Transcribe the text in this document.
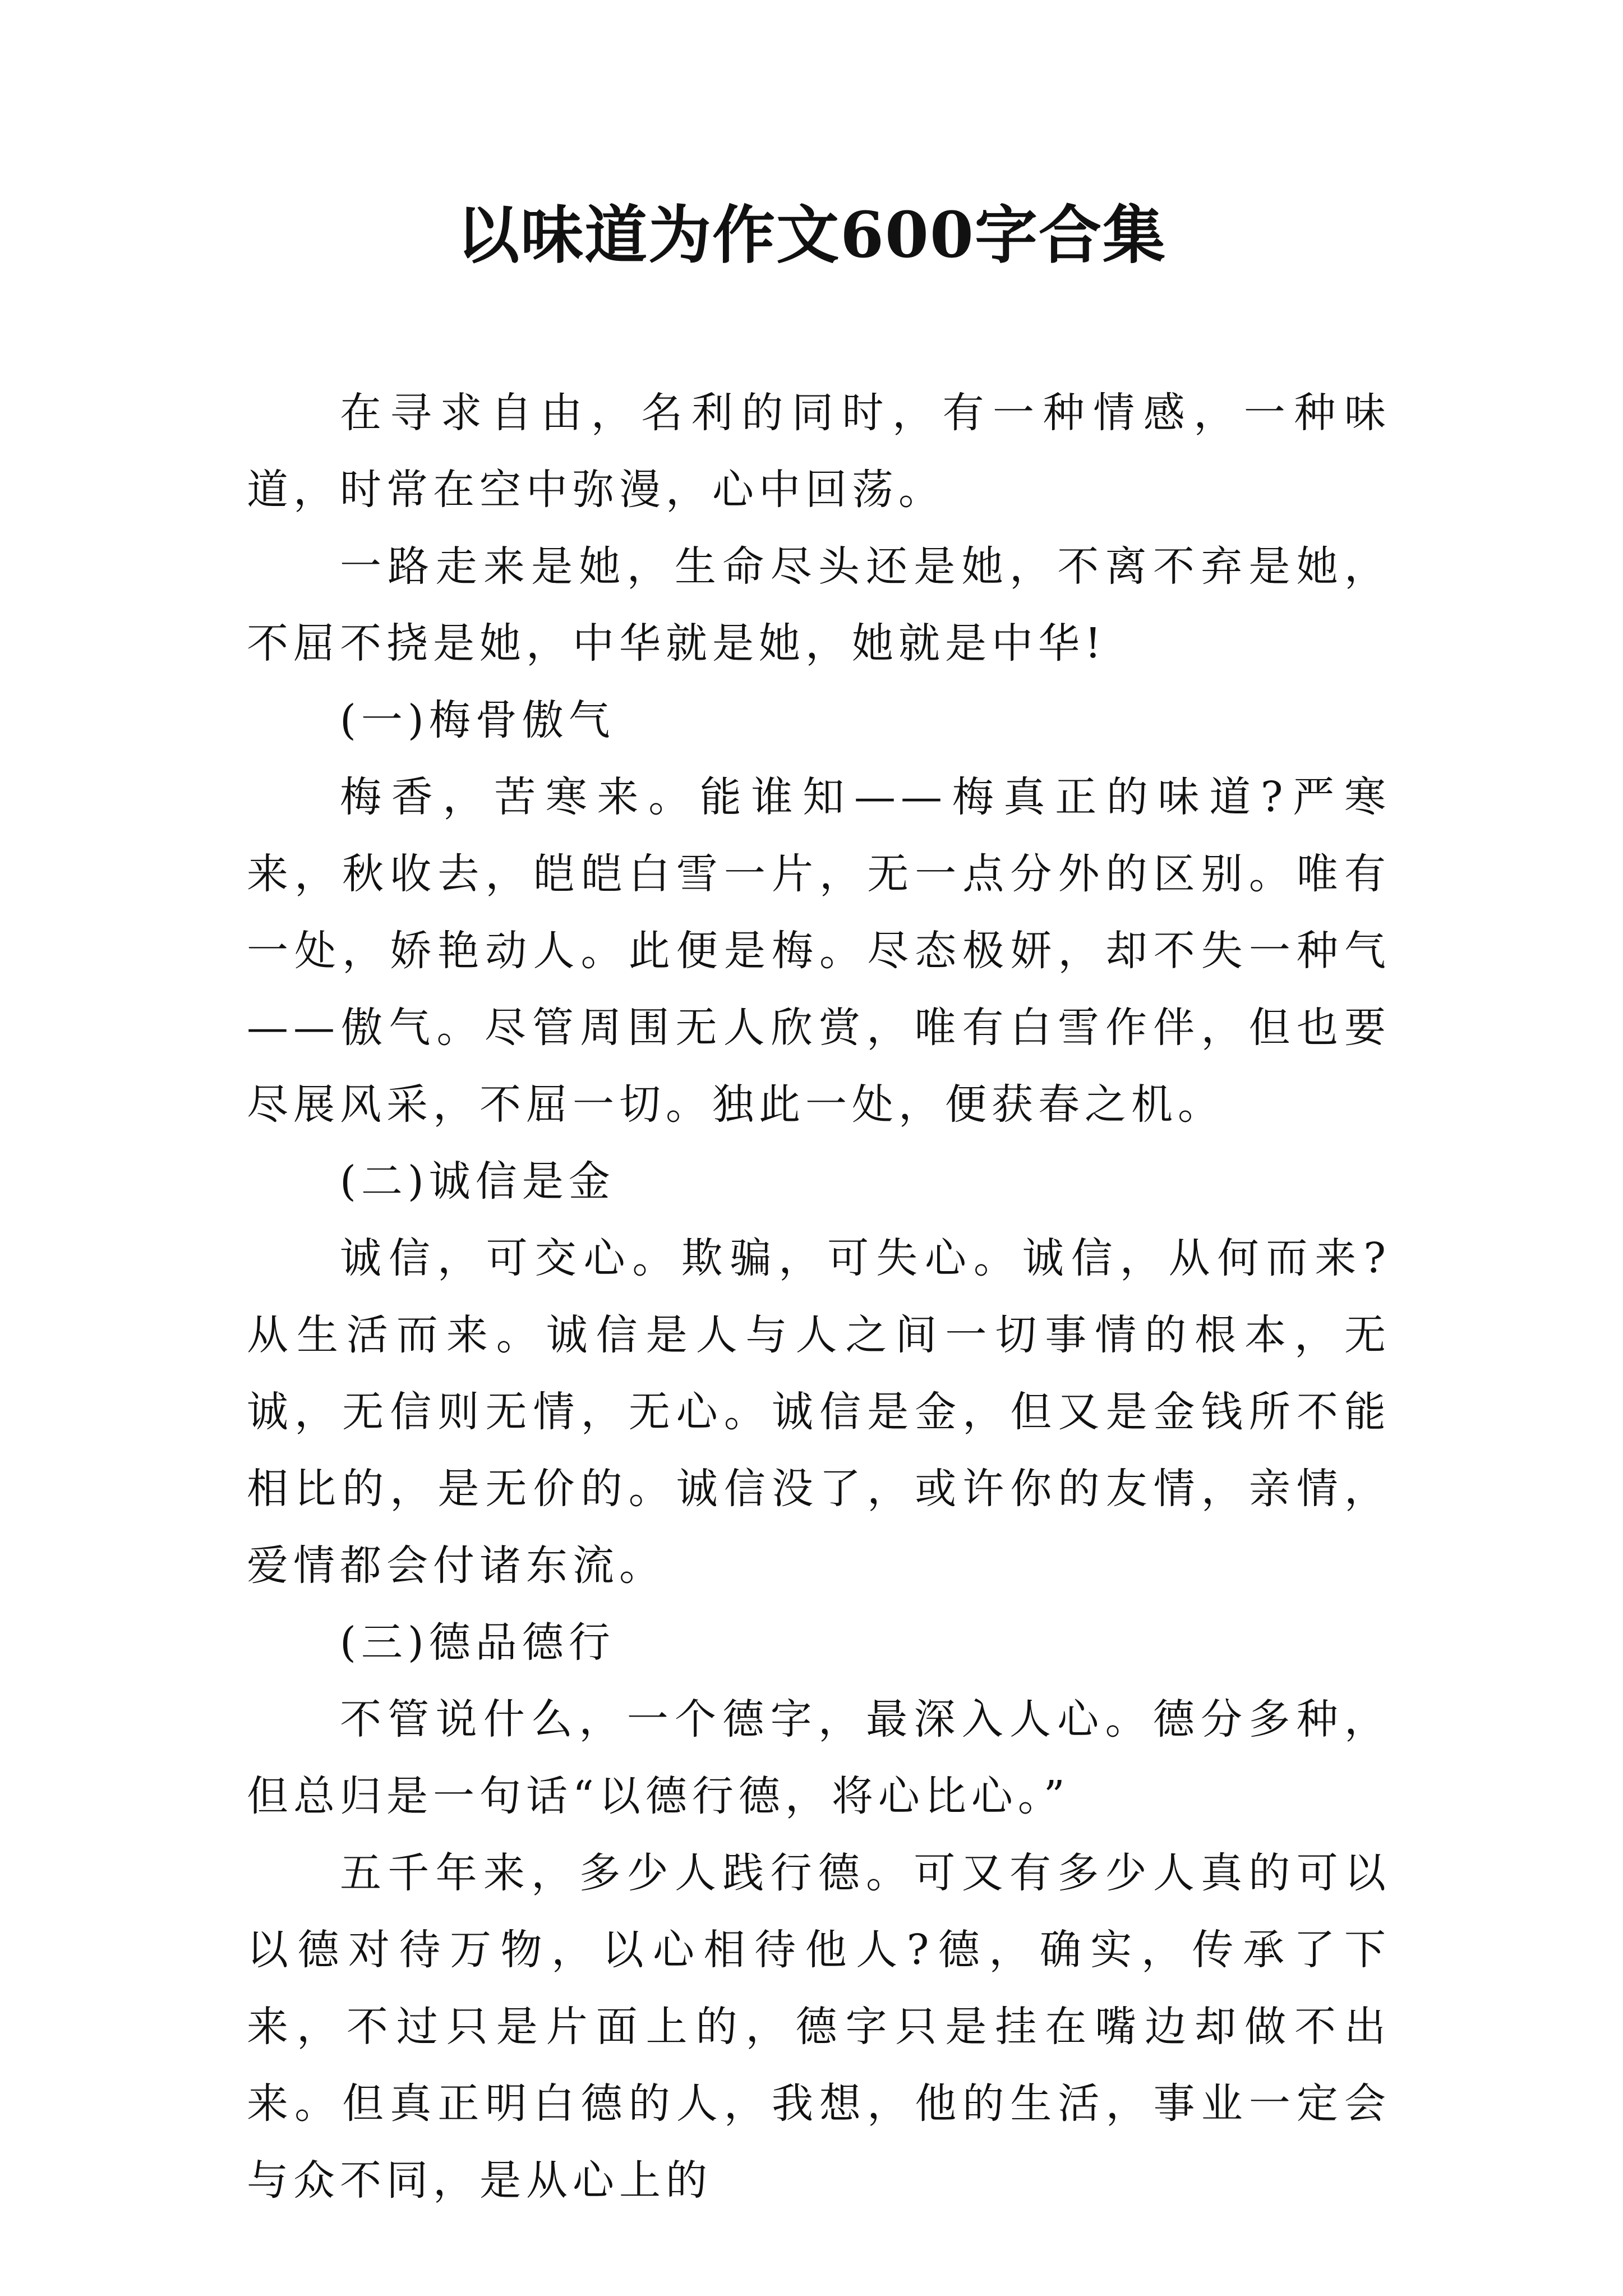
以味道为作文600字合集

在寻求自由，名利的同时，有一种情感，一种味道，时常在空中弥漫，心中回荡。

一路走来是她，生命尽头还是她，不离不弃是她，不屈不挠是她，中华就是她，她就是中华!

(一)梅骨傲气

梅香，苦寒来。能谁知——梅真正的味道?严寒来，秋收去，皑皑白雪一片，无一点分外的区别。唯有一处，娇艳动人。此便是梅。尽态极妍，却不失一种气——傲气。尽管周围无人欣赏，唯有白雪作伴，但也要尽展风采，不屈一切。独此一处，便获春之机。

(二)诚信是金

诚信，可交心。欺骗，可失心。诚信，从何而来?从生活而来。诚信是人与人之间一切事情的根本，无诚，无信则无情，无心。诚信是金，但又是金钱所不能相比的，是无价的。诚信没了，或许你的友情，亲情，爱情都会付诸东流。

(三)德品德行

不管说什么，一个德字，最深入人心。德分多种，但总归是一句话“以德行德，将心比心。”

五千年来，多少人践行德。可又有多少人真的可以以德对待万物，以心相待他人?德，确实，传承了下来，不过只是片面上的，德字只是挂在嘴边却做不出来。但真正明白德的人，我想，他的生活，事业一定会与众不同，是从心上的
